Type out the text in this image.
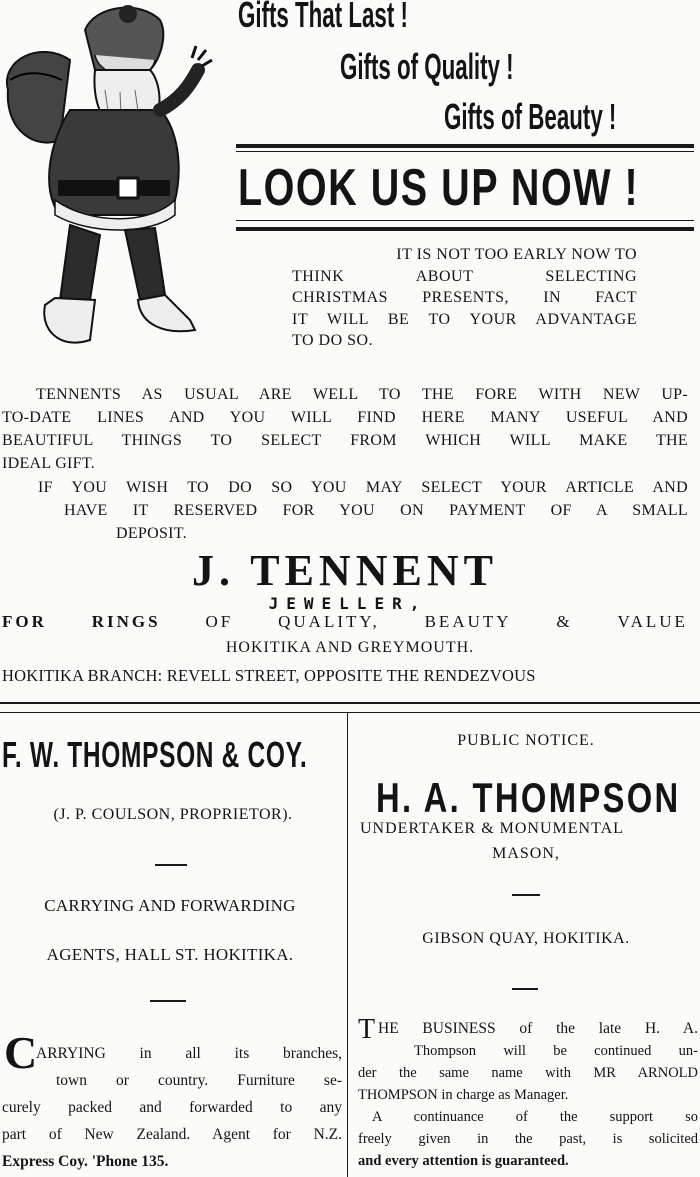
Gifts That Last !
Gifts of Quality !
Gifts of Beauty !
LOOK US UP NOW !

IT IS NOT TOO EARLY NOW TO

THINK ABOUT SELECTING

CHRISTMAS PRESENTS, IN FACT

IT WILL BE TO YOUR ADVANTAGE

TO DO SO.

TENNENTS AS USUAL ARE WELL TO THE FORE WITH NEW UP-

TO-DATE LINES AND YOU WILL FIND HERE MANY USEFUL AND

BEAUTIFUL THINGS TO SELECT FROM WHICH WILL MAKE THE

IDEAL GIFT.

IF YOU WISH TO DO SO YOU MAY SELECT YOUR ARTICLE AND

HAVE IT RESERVED FOR YOU ON PAYMENT OF A SMALL

DEPOSIT.

J. TENNENT
JEWELLER,
FOR	RINGS	OF	QUALITY,	BEAUTY	&	VALUE
HOKITIKA AND GREYMOUTH.
HOKITIKA BRANCH: REVELL STREET, OPPOSITE THE RENDEZVOUS
F. W. THOMPSON & COY.
(J. P. COULSON, PROPRIETOR).
CARRYING AND FORWARDING
AGENTS, HALL ST. HOKITIKA.
C

ARRYING in all its branches,

town or country. Furniture se-

curely packed and forwarded to any

part of New Zealand. Agent for N.Z.

Express Coy. 'Phone 135.

PUBLIC NOTICE.
H. A. THOMPSON
UNDERTAKER & MONUMENTAL
MASON,
GIBSON QUAY, HOKITIKA.
T HE BUSINESS of the late H. A.

Thompson will be continued un-

der the same name with MR ARNOLD

THOMPSON in charge as Manager.

A continuance of the support so

freely given in the past, is solicited

and every attention is guaranteed.
